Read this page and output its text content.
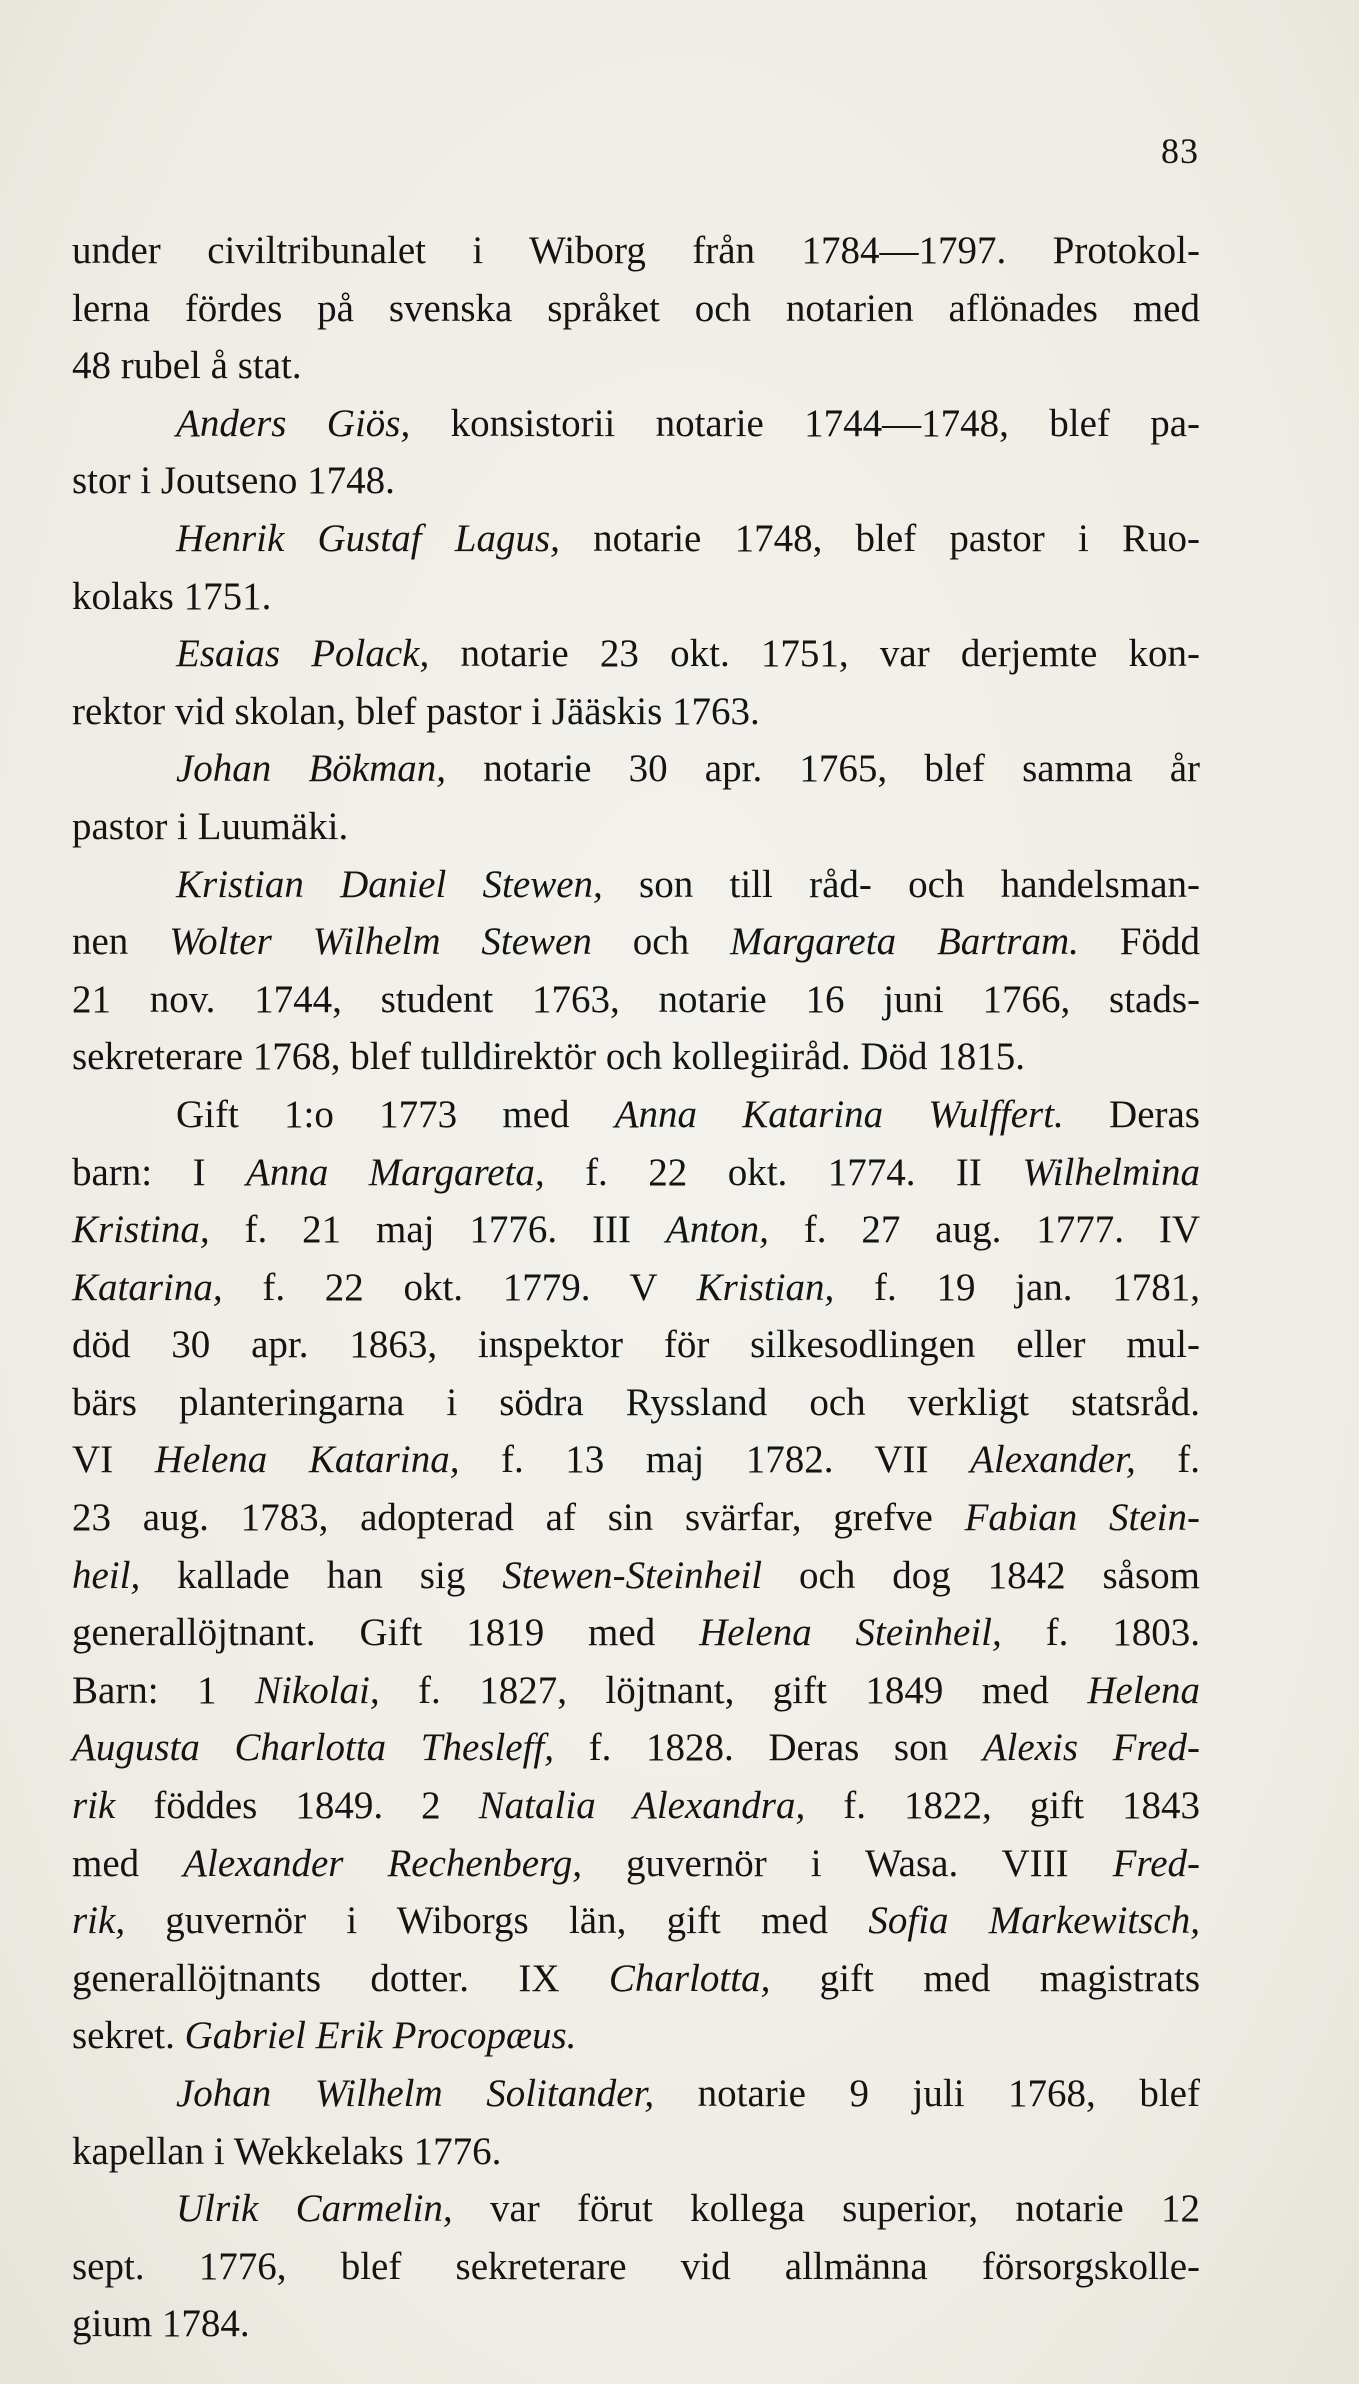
83
under civiltribunalet i Wiborg från 1784—1797. Protokol-
lerna fördes på svenska språket och notarien aflönades med
48 rubel å stat.
Anders Giös, konsistorii notarie 1744—1748, blef pa-
stor i Joutseno 1748.
Henrik Gustaf Lagus, notarie 1748, blef pastor i Ruo-
kolaks 1751.
Esaias Polack, notarie 23 okt. 1751, var derjemte kon-
rektor vid skolan, blef pastor i Jääskis 1763.
Johan Bökman, notarie 30 apr. 1765, blef samma år
pastor i Luumäki.
Kristian Daniel Stewen, son till råd- och handelsman-
nen Wolter Wilhelm Stewen och Margareta Bartram. Född
21 nov. 1744, student 1763, notarie 16 juni 1766, stads-
sekreterare 1768, blef tulldirektör och kollegiiråd. Död 1815.
Gift 1:o 1773 med Anna Katarina Wulffert. Deras
barn: I Anna Margareta, f. 22 okt. 1774. II Wilhelmina
Kristina, f. 21 maj 1776. III Anton, f. 27 aug. 1777. IV
Katarina, f. 22 okt. 1779. V Kristian, f. 19 jan. 1781,
död 30 apr. 1863, inspektor för silkesodlingen eller mul-
bärs planteringarna i södra Ryssland och verkligt statsråd.
VI Helena Katarina, f. 13 maj 1782. VII Alexander, f.
23 aug. 1783, adopterad af sin svärfar, grefve Fabian Stein-
heil, kallade han sig Stewen-Steinheil och dog 1842 såsom
generallöjtnant. Gift 1819 med Helena Steinheil, f. 1803.
Barn: 1 Nikolai, f. 1827, löjtnant, gift 1849 med Helena
Augusta Charlotta Thesleff, f. 1828. Deras son Alexis Fred-
rik föddes 1849. 2 Natalia Alexandra, f. 1822, gift 1843
med Alexander Rechenberg, guvernör i Wasa. VIII Fred-
rik, guvernör i Wiborgs län, gift med Sofia Markewitsch,
generallöjtnants dotter. IX Charlotta, gift med magistrats
sekret. Gabriel Erik Procopæus.
Johan Wilhelm Solitander, notarie 9 juli 1768, blef
kapellan i Wekkelaks 1776.
Ulrik Carmelin, var förut kollega superior, notarie 12
sept. 1776, blef sekreterare vid allmänna försorgskolle-
gium 1784.
